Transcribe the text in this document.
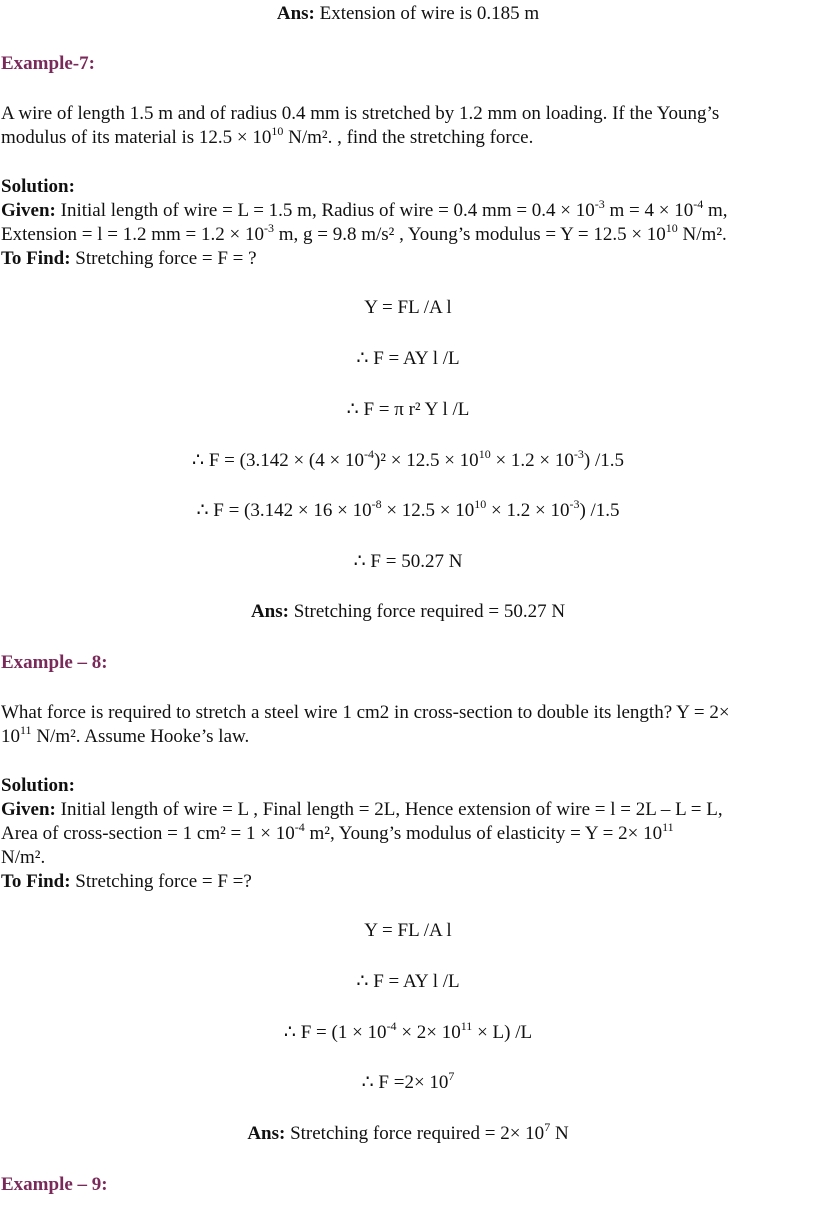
Ans: Extension of wire is 0.185 m
Example-7:
A wire of length 1.5 m and of radius 0.4 mm is stretched by 1.2 mm on loading. If the Young’s
modulus of its material is $12.5 \times 10^{10}$ N/m². , find the stretching force.
Solution:
Given: Initial length of wire = L = 1.5 m, Radius of wire = 0.4 mm = $0.4 \times 10^{-3}$ $m = 4 \times 10^{-4}$ m,
Extension = l = 1.2 mm = $1.2 \times 10^{-3}$ m, g = 9.8 m/s² , Young’s modulus = $Y = 12.5 \times 10^{10}$ N/m².
To Find: Stretching force = F = ?
Y = FL /A l
∴ F = AY l /L
∴ F = π r² Y l /L
∴ $F = (3.142 \times (4 \times 10^{-4})^2 \times 12.5 \times 10^{10} \times 1.2 \times 10^{-3})$ /1.5
∴ $F = (3.142 \times 16 \times 10^{-8} \times 12.5 \times 10^{10} \times 1.2 \times 10^{-3})$ /1.5
∴ F = 50.27 N
Ans: Stretching force required = 50.27 N
Example – 8:
What force is required to stretch a steel wire 1 cm2 in cross-section to double its length? Y = 2×
$10^{11}$ N/m². Assume Hooke’s law.
Solution:
Given: Initial length of wire = L , Final length = 2L, Hence extension of wire = l = 2L – L = L,
Area of cross-section = 1 $cm^2 = 1 \times 10^{-4}$ m², Young’s modulus of elasticity = $Y = 2\times 10^{11}$
N/m².
To Find: Stretching force = F =?
Y = FL /A l
∴ F = AY l /L
∴ $F = (1 \times 10^{-4} \times 2\times 10^{11} \times L)$ /L
∴ $F =2\times 10^7$
Ans: Stretching force required = $2\times 10^7$ N
Example – 9:
